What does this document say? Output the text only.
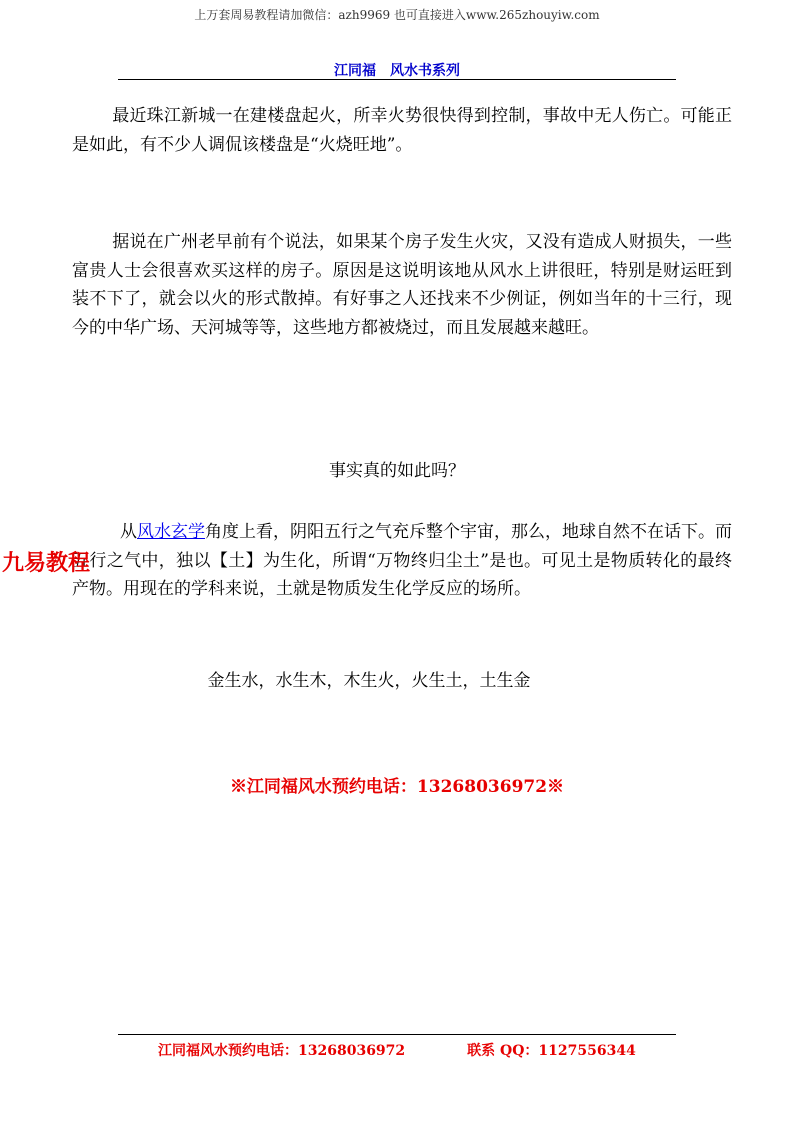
上万套周易教程请加微信：azh9969 也可直接进入www.265zhouyiw.com
江同福　风水书系列

最近珠江新城一在建楼盘起火，所幸火势很快得到控制，事故中无人伤亡。可能正是如此，有不少人调侃该楼盘是“火烧旺地”。

据说在广州老早前有个说法，如果某个房子发生火灾，又没有造成人财损失，一些富贵人士会很喜欢买这样的房子。原因是这说明该地从风水上讲很旺，特别是财运旺到装不下了，就会以火的形式散掉。有好事之人还找来不少例证，例如当年的十三行，现今的中华广场、天河城等等，这些地方都被烧过，而且发展越来越旺。

事实真的如此吗？

从风水玄学角度上看，阴阳五行之气充斥整个宇宙，那么，地球自然不在话下。而五行之气中，独以【土】为生化，所谓“万物终归尘土”是也。可见土是物质转化的最终产物。用现在的学科来说，土就是物质发生化学反应的场所。

九易教程

金生水，水生木，木生火，火生土，土生金

※江同福风水预约电话：13268036972※
江同福风水预约电话：13268036972	联系 QQ：1127556344
